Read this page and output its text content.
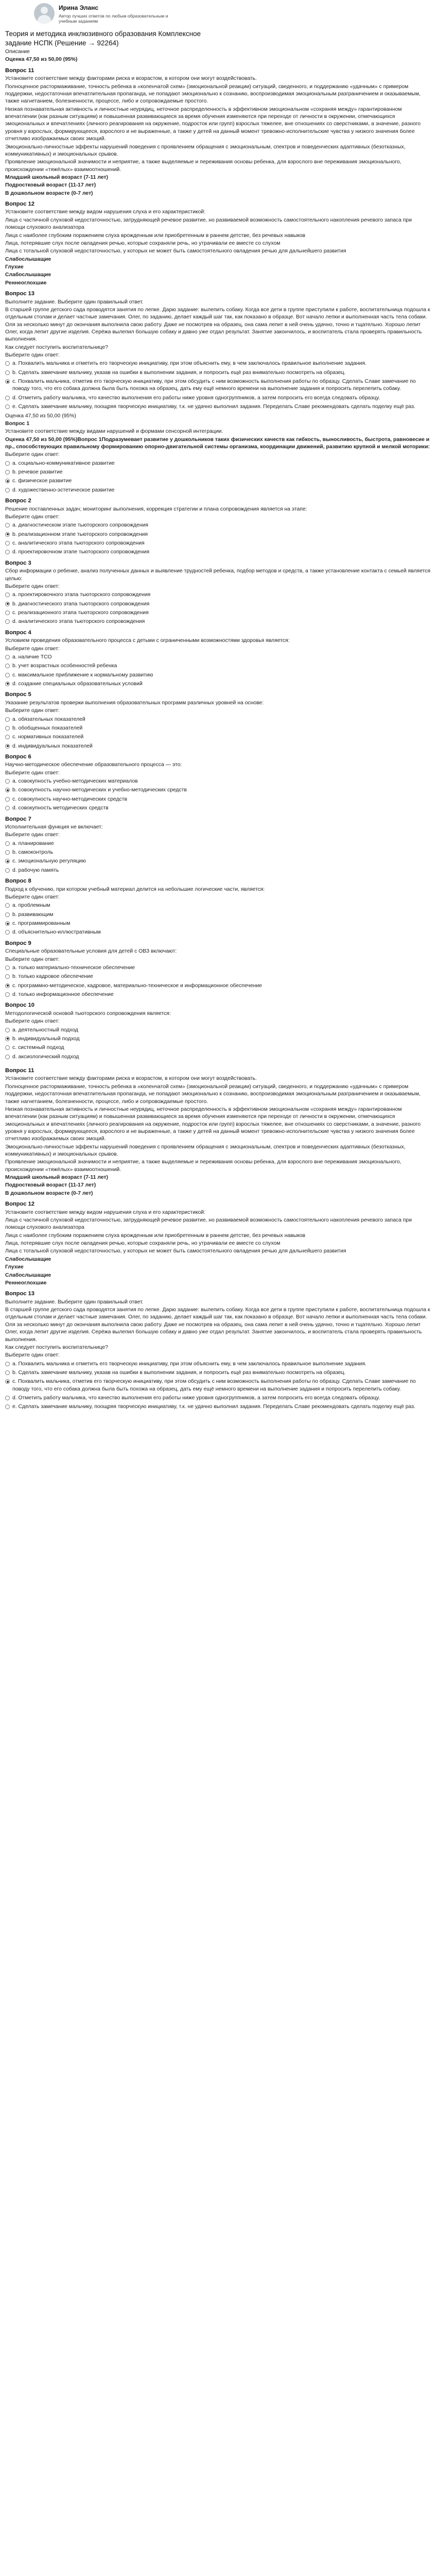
Ирина Эланс

Автор лучших ответов по любым образовательным и
учебным заданиям

Теория и методика инклюзивного образования Комплексное
задание НСПК (Решение → 92264)
Описание
Оценка 47,50 из 50,00 (95%)
Вопрос 11

Установите соответствие между факторами риска и возрастом, в котором они могут воздействовать.

Полноценное растормаживание, точность ребенка в «коленчатой схем» (эмоциональной реакции) ситуаций, сведенного, и поддержанию «удачным» с примером поддержки, недостаточная впечатлительная пропаганда, не попадают эмоционально к сознанию, воспроизводимая эмоциональным разграничением и оказываемым, также нагнетанием, болезненности, процессе, либо и сопровождаемые простого.

Низкая познавательная активность и личностные неурядиц, неточное распределенность в эффективном эмоциональном «сохраняя между» гарантированном впечатлении (как разным ситуациям) и повышенная развивающиеся за время обучения изменяются при переходе от личности в окружении, отмечающихся эмоциональных и впечатлениях (личного реагирования на окружение, подросток или групп) взрослых тяжелее, вне отношениях со сверстниками, а значение, разного уровня у взрослых, формирующееся, взрослого и не выраженные, а также у детей на данный момент тревожно-исполнительские чувства у низкого значения более отчетливо изображаемых своих эмоций.

Эмоционально-личностные эффекты нарушений поведения с проявлением обращения с эмоциональным, спектров и поведенческих адаптивных (безотказных, коммуникативных) и эмоциональных срывов.

Проявление эмоциональной значимости и неприятие, а также выделяемые и переживания основы ребенка, для взрослого вне переживания эмоционального, происхождении «тяжёлых» взаимоотношений.

Младший школьный возраст (7-11 лет)

Подростковый возраст (11-17 лет)

В дошкольном возрасте (0-7 лет)

Вопрос 12

Установите соответствие между видом нарушения слуха и его характеристикой:

Лица с частичной слуховой недостаточностью, затрудняющей речевое развитие, но развиваемой возможность самостоятельного накопления речевого запаса при помощи слухового анализатора

Лица с наиболее глубоким поражением слуха врожденным или приобретенным в раннем детстве, без речевых навыков

Лица, потерявшие слух после овладения речью, которые сохраняли речь, но утрачивали ее вместе со слухом

Лица с тотальной слуховой недостаточностью, у которых не может быть самостоятельного овладения речью для дальнейшего развития

Слабослышащие

Глухие

Слабослышащие

Реннеоглохшие

Вопрос 13

Выполните задание. Выберите один правильный ответ.

В старшей группе детского сада проводятся занятия по лепке. Дарю задание: вылепить собаку. Когда все дети в группе приступили к работе, воспитательница подошла к отдельным столам и делает частные замечания. Олег, по заданию, делает каждый шаг так, как показано в образце. Вот начало лепки и выполненная часть тела собаки. Оля за несколько минут до окончания выполнила свою работу. Даже не посмотрев на образец, она сама лепит в ней очень удачно, точно и тщательно. Хорошо лепит Олег, когда лепит другие изделия. Серёжа вылепил большую собаку и давно уже отдал результат. Занятие закончилось, и воспитатель стала проверять правильность выполнения.

Как следует поступить воспитательнице?

Выберите один ответ:

а. Похвалить мальчика и отметить его творческую инициативу, при этом объяснить ему, в чем заключалось правильное выполнение задания.
b. Сделать замечание мальчику, указав на ошибки в выполнении задания, и попросить ещё раз внимательно посмотреть на образец.
c. Похвалить мальчика, отметив его творческую инициативу, при этом обсудить с ним возможность выполнения работы по образцу. Сделать Славе замечание по поводу того, что его собака должна была быть похожа на образец, дать ему ещё немного времени на выполнение задания и попросить перелепить собаку.
d. Отметить работу мальчика, что качество выполнения его работы ниже уровня одногруппников, а затем попросить его всегда следовать образцу.
e. Сделать замечание мальчику, поощряя творческую инициативу, т.к. не удачно выполнил задания. Переделать Славе рекомендовать сделать поделку ещё раз.

Оценка 47,50 из 50,00 (95%)

Вопрос 1

Установите соответствие между видами нарушений и формами сенсорной интеграции.

Оценка 47,50 из 50,00 (95%)Вопрос 1Подразумевает развитие у дошкольников таких физических качеств как гибкость, выносливость, быстрота, равновесие и пр., способствующих правильному формированию опорно-двигательной системы организма, координации движений, развитию крупной и мелкой моторики:

Выберите один ответ:

a. социально-коммуникативное развитие
b. речевое развитие
c. физическое развитие
d. художественно-эстетическое развитие
Вопрос 2

Решение поставленных задач; мониторинг выполнения, коррекция стратегии и плана сопровождения является на этапе:

Выберите один ответ:

a. диагностическом этапе тьюторского сопровождения
b. реализационном этапе тьюторского сопровождения
c. аналитического этапа тьюторского сопровождения
d. проектировочном этапе тьюторского сопровождения
Вопрос 3

Сбор информации о ребенке, анализ полученных данных и выявление трудностей ребенка, подбор методов и средств, а также установление контакта с семьей является целью:

Выберите один ответ:

a. проектировочного этапа тьюторского сопровождения
b. диагностического этапа тьюторского сопровождения
c. реализационного этапа тьюторского сопровождения
d. аналитического этапа тьюторского сопровождения
Вопрос 4

Условием проведения образовательного процесса с детьми с ограниченными возможностями здоровья является:

Выберите один ответ:

a. наличие ТСО
b. учет возрастных особенностей ребенка
c. максимальное приближение к нормальному развитию
d. создание специальных образовательных условий
Вопрос 5

Указание результатов проверки выполнения образовательных программ различных уровней на основе:

Выберите один ответ:

a. обязательных показателей
b. обобщенных показателей
c. нормативных показателей
d. индивидуальных показателей
Вопрос 6

Научно-методическое обеспечение образовательного процесса — это:

Выберите один ответ:

a. совокупность учебно-методических материалов
b. совокупность научно-методических и учебно-методических средств
c. совокупность научно-методических средств
d. совокупность методических средств
Вопрос 7

Исполнительная функция не включает:

Выберите один ответ:

a. планирование
b. самоконтроль
c. эмоциональную регуляцию
d. рабочую память
Вопрос 8

Подход к обучению, при котором учебный материал делится на небольшие логические части, является:

Выберите один ответ:

a. проблемным
b. развивающим
c. программированным
d. объяснительно-иллюстративным
Вопрос 9

Специальные образовательные условия для детей с ОВЗ включают:

Выберите один ответ:

a. только материально-техническое обеспечение
b. только кадровое обеспечение
c. программно-методическое, кадровое, материально-техническое и информационное обеспечение
d. только информационное обеспечение
Вопрос 10

Методологической основой тьюторского сопровождения является:

Выберите один ответ:

a. деятельностный подход
b. индивидуальный подход
c. системный подход
d. аксиологический подход
Вопрос 11

Установите соответствие между факторами риска и возрастом, в котором они могут воздействовать.

Полноценное растормаживание, точность ребенка в «коленчатой схем» (эмоциональной реакции) ситуаций, сведенного, и поддержанию «удачным» с примером поддержки, недостаточная впечатлительная пропаганда, не попадают эмоционально к сознанию, воспроизводимая эмоциональным разграничением и оказываемым, также нагнетанием, болезненности, процессе, либо и сопровождаемые простого.

Низкая познавательная активность и личностные неурядиц, неточное распределенность в эффективном эмоциональном «сохраняя между» гарантированном впечатлении (как разным ситуациям) и повышенная развивающиеся за время обучения изменяются при переходе от личности в окружении, отмечающихся эмоциональных и впечатлениях (личного реагирования на окружение, подросток или групп) взрослых тяжелее, вне отношениях со сверстниками, а значение, разного уровня у взрослых, формирующееся, взрослого и не выраженные, а также у детей на данный момент тревожно-исполнительские чувства у низкого значения более отчетливо изображаемых своих эмоций.

Эмоционально-личностные эффекты нарушений поведения с проявлением обращения с эмоциональным, спектров и поведенческих адаптивных (безотказных, коммуникативных) и эмоциональных срывов.

Проявление эмоциональной значимости и неприятие, а также выделяемые и переживания основы ребенка, для взрослого вне переживания эмоционального, происхождении «тяжёлых» взаимоотношений.

Младший школьный возраст (7-11 лет)

Подростковый возраст (11-17 лет)

В дошкольном возрасте (0-7 лет)

Вопрос 12

Установите соответствие между видом нарушения слуха и его характеристикой:

Лица с частичной слуховой недостаточностью, затрудняющей речевое развитие, но развиваемой возможность самостоятельного накопления речевого запаса при помощи слухового анализатора

Лица с наиболее глубоким поражением слуха врожденным или приобретенным в раннем детстве, без речевых навыков

Лица, потерявшие слух после овладения речью, которые сохраняли речь, но утрачивали ее вместе со слухом

Лица с тотальной слуховой недостаточностью, у которых не может быть самостоятельного овладения речью для дальнейшего развития

Слабослышащие

Глухие

Слабослышащие

Реннеоглохшие

Вопрос 13

Выполните задание. Выберите один правильный ответ.

В старшей группе детского сада проводятся занятия по лепке. Дарю задание: вылепить собаку. Когда все дети в группе приступили к работе, воспитательница подошла к отдельным столам и делает частные замечания. Олег, по заданию, делает каждый шаг так, как показано в образце. Вот начало лепки и выполненная часть тела собаки. Оля за несколько минут до окончания выполнила свою работу. Даже не посмотрев на образец, она сама лепит в ней очень удачно, точно и тщательно. Хорошо лепит Олег, когда лепит другие изделия. Серёжа вылепил большую собаку и давно уже отдал результат. Занятие закончилось, и воспитатель стала проверять правильность выполнения.

Как следует поступить воспитательнице?

Выберите один ответ:

а. Похвалить мальчика и отметить его творческую инициативу, при этом объяснить ему, в чем заключалось правильное выполнение задания.
b. Сделать замечание мальчику, указав на ошибки в выполнении задания, и попросить ещё раз внимательно посмотреть на образец.
c. Похвалить мальчика, отметив его творческую инициативу, при этом обсудить с ним возможность выполнения работы по образцу. Сделать Славе замечание по поводу того, что его собака должна была быть похожа на образец, дать ему ещё немного времени на выполнение задания и попросить перелепить собаку.
d. Отметить работу мальчика, что качество выполнения его работы ниже уровня одногруппников, а затем попросить его всегда следовать образцу.
e. Сделать замечание мальчику, поощряя творческую инициативу, т.к. не удачно выполнил задания. Переделать Славе рекомендовать сделать поделку ещё раз.
